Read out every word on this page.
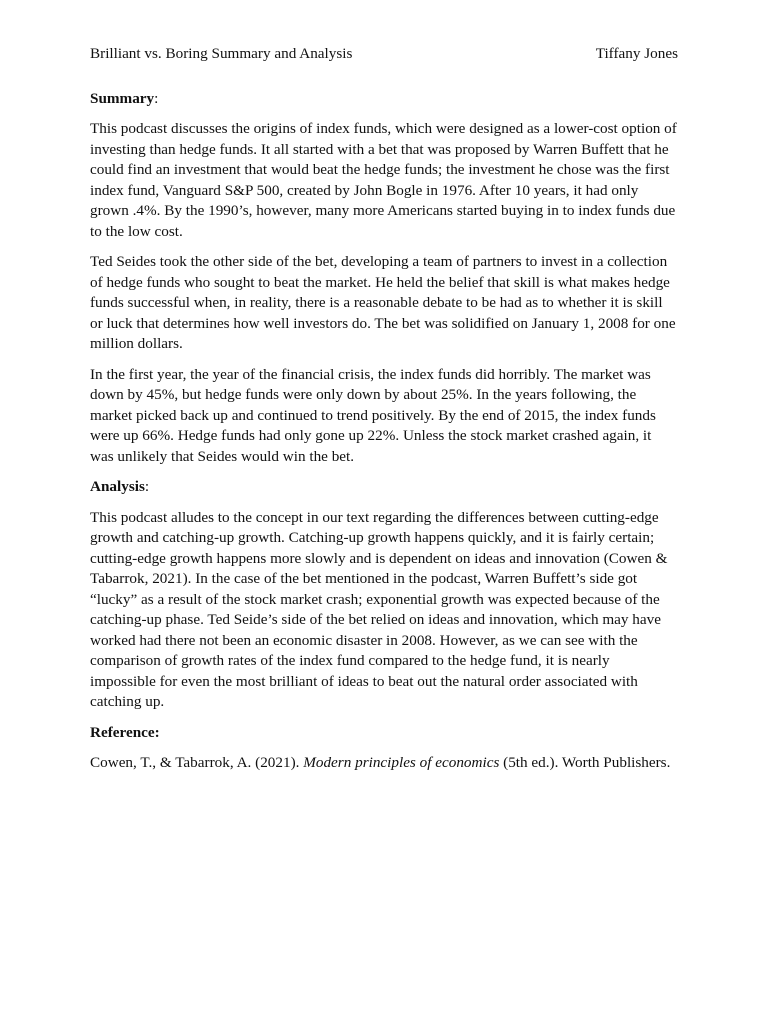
Brilliant vs. Boring Summary and Analysis	Tiffany Jones
Summary:

This podcast discusses the origins of index funds, which were designed as a lower-cost option of investing than hedge funds. It all started with a bet that was proposed by Warren Buffett that he could find an investment that would beat the hedge funds; the investment he chose was the first index fund, Vanguard S&P 500, created by John Bogle in 1976. After 10 years, it had only grown .4%. By the 1990’s, however, many more Americans started buying in to index funds due to the low cost.

Ted Seides took the other side of the bet, developing a team of partners to invest in a collection of hedge funds who sought to beat the market. He held the belief that skill is what makes hedge funds successful when, in reality, there is a reasonable debate to be had as to whether it is skill or luck that determines how well investors do. The bet was solidified on January 1, 2008 for one million dollars.

In the first year, the year of the financial crisis, the index funds did horribly. The market was down by 45%, but hedge funds were only down by about 25%. In the years following, the market picked back up and continued to trend positively. By the end of 2015, the index funds were up 66%. Hedge funds had only gone up 22%. Unless the stock market crashed again, it was unlikely that Seides would win the bet.

Analysis:

This podcast alludes to the concept in our text regarding the differences between cutting-edge growth and catching-up growth. Catching-up growth happens quickly, and it is fairly certain; cutting-edge growth happens more slowly and is dependent on ideas and innovation (Cowen & Tabarrok, 2021). In the case of the bet mentioned in the podcast, Warren Buffett’s side got “lucky” as a result of the stock market crash; exponential growth was expected because of the catching-up phase. Ted Seide’s side of the bet relied on ideas and innovation, which may have worked had there not been an economic disaster in 2008. However, as we can see with the comparison of growth rates of the index fund compared to the hedge fund, it is nearly impossible for even the most brilliant of ideas to beat out the natural order associated with catching up.

Reference:

Cowen, T., & Tabarrok, A. (2021). Modern principles of economics (5th ed.). Worth Publishers.
